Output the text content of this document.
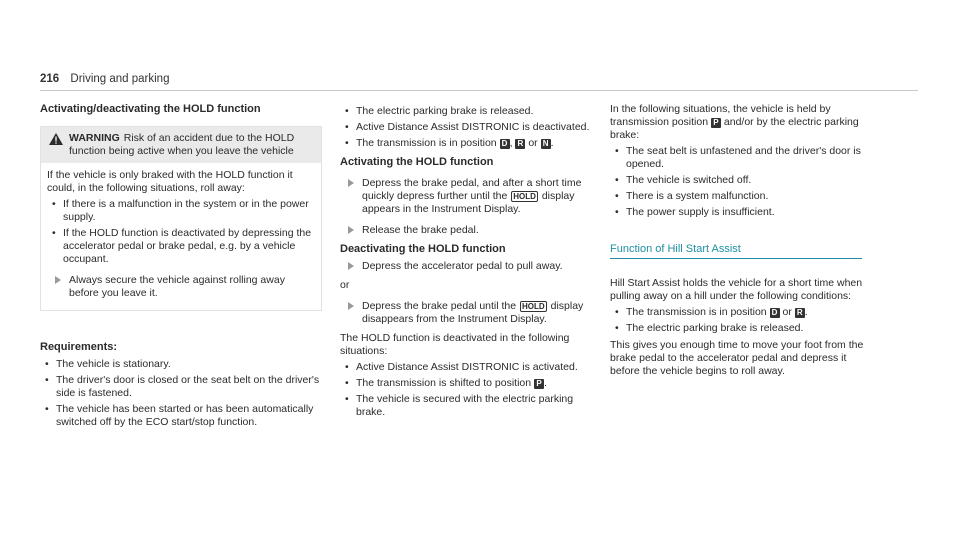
216 Driving and parking
Activating/deactivating the HOLD function
WARNING Risk of an accident due to the HOLD function being active when you leave the vehicle

If the vehicle is only braked with the HOLD function it could, in the following situations, roll away:

• If there is a malfunction in the system or in the power supply.
• If the HOLD function is deactivated by depressing the accelerator pedal or brake pedal, e.g. by a vehicle occupant.
Always secure the vehicle against rolling away before you leave it.
Requirements:
• The vehicle is stationary.
• The driver's door is closed or the seat belt on the driver's side is fastened.
• The vehicle has been started or has been automatically switched off by the ECO start/stop function.
• The electric parking brake is released.
• Active Distance Assist DISTRONIC is deactivated.
• The transmission is in position D , R or N .
Activating the HOLD function
Depress the brake pedal, and after a short time quickly depress further until the HOLD display appears in the Instrument Display.
Release the brake pedal.
Deactivating the HOLD function
Depress the accelerator pedal to pull away.

or

Depress the brake pedal until the HOLD display disappears from the Instrument Display.

The HOLD function is deactivated in the following situations:

• Active Distance Assist DISTRONIC is activated.
• The transmission is shifted to position P .
• The vehicle is secured with the electric parking brake.

In the following situations, the vehicle is held by transmission position P and/or by the electric parking brake:

• The seat belt is unfastened and the driver's door is opened.
• The vehicle is switched off.
• There is a system malfunction.
• The power supply is insufficient.
Function of Hill Start Assist

Hill Start Assist holds the vehicle for a short time when pulling away on a hill under the following conditions:

• The transmission is in position D or R .
• The electric parking brake is released.

This gives you enough time to move your foot from the brake pedal to the accelerator pedal and depress it before the vehicle begins to roll away.
